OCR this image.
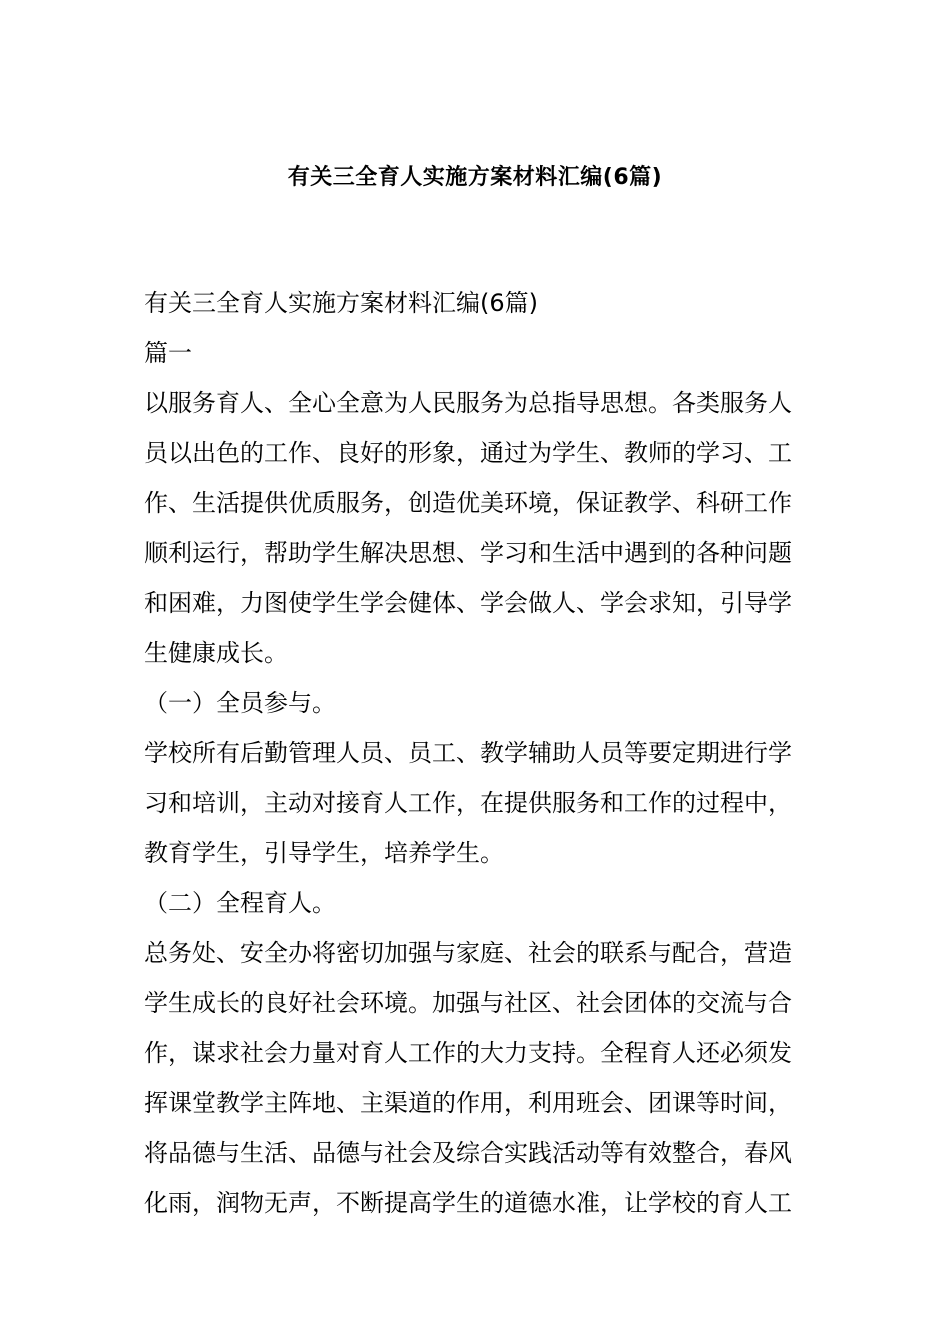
有关三全育人实施方案材料汇编(6篇)
有关三全育人实施方案材料汇编(6篇)
篇一
以服务育人、全心全意为人民服务为总指导思想。各类服务人
员以出色的工作、良好的形象，通过为学生、教师的学习、工
作、生活提供优质服务，创造优美环境，保证教学、科研工作
顺利运行，帮助学生解决思想、学习和生活中遇到的各种问题
和困难，力图使学生学会健体、学会做人、学会求知，引导学
生健康成长。
（一）全员参与。
学校所有后勤管理人员、员工、教学辅助人员等要定期进行学
习和培训，主动对接育人工作，在提供服务和工作的过程中，
教育学生，引导学生，培养学生。
（二）全程育人。
总务处、安全办将密切加强与家庭、社会的联系与配合，营造
学生成长的良好社会环境。加强与社区、社会团体的交流与合
作，谋求社会力量对育人工作的大力支持。全程育人还必须发
挥课堂教学主阵地、主渠道的作用，利用班会、团课等时间，
将品德与生活、品德与社会及综合实践活动等有效整合，春风
化雨，润物无声，不断提高学生的道德水准，让学校的育人工
